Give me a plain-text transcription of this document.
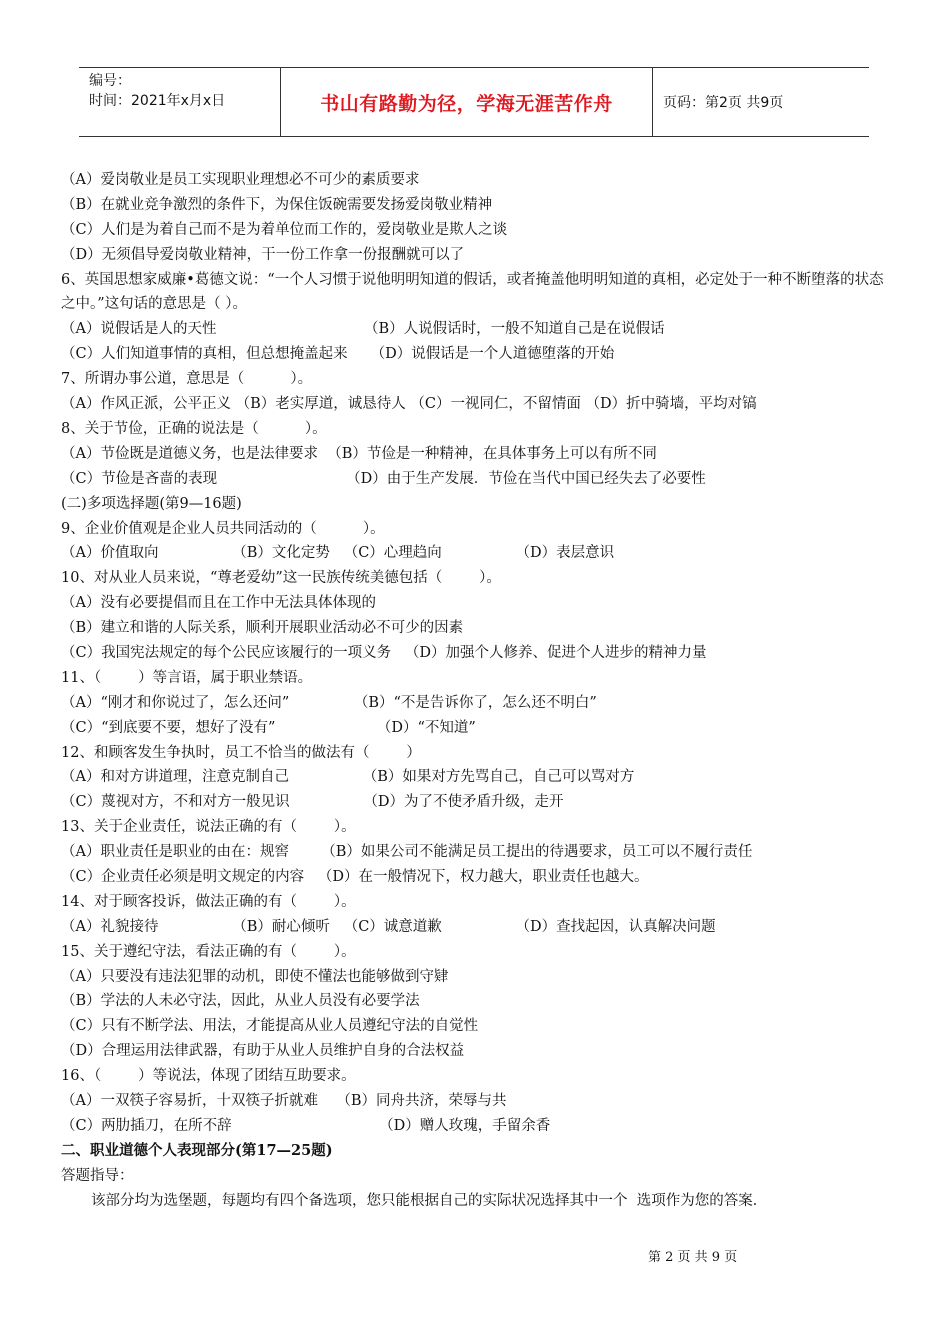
编号：
时间：2021年x月x日	书山有路勤为径，学海无涯苦作舟	页码：第2页 共9页
（A）爱岗敬业是员工实现职业理想必不可少的素质要求
（B）在就业竞争激烈的条件下，为保住饭碗需要发扬爱岗敬业精神
（C）人们是为着自己而不是为着单位而工作的，爱岗敬业是欺人之谈
（D）无须倡导爱岗敬业精神，干一份工作拿一份报酬就可以了
6、英国思想家威廉•葛德文说：“一个人习惯于说他明明知道的假话，或者掩盖他明明知道的真相，必定处于一种不断堕落的状态之中。”这句话的意思是（ ）。
（A）说假话是人的天性                                （B）人说假话时，一般不知道自己是在说假话
（C）人们知道事情的真相，但总想掩盖起来     （D）说假话是一个人道德堕落的开始
7、所谓办事公道，意思是（          ）。
（A）作风正派，公平正义 （B）老实厚道，诚恳待人 （C）一视同仁，不留情面 （D）折中骑墙，平均对镐
8、关于节俭，正确的说法是（          ）。
（A）节俭既是道德义务，也是法律要求  （B）节俭是一种精神，在具体事务上可以有所不同
（C）节俭是吝啬的表现                            （D）由于生产发展．节俭在当代中国已经失去了必要性
(二)多项选择题(第9—16题)
9、企业价值观是企业人员共同活动的（          ）。
（A）价值取向                （B）文化定势   （C）心理趋向                （D）表层意识
10、对从业人员来说，“尊老爱幼”这一民族传统美德包括（        ）。
（A）没有必要提倡而且在工作中无法具体体现的
（B）建立和谐的人际关系，顺利开展职业活动必不可少的因素
（C）我国宪法规定的每个公民应该履行的一项义务   （D）加强个人修养、促进个人进步的精神力量
11、（        ）等言语，属于职业禁语。
（A）“刚才和你说过了，怎么还问”              （B）“不是告诉你了，怎么还不明白”
（C）“到底要不要，想好了没有”                      （D）“不知道”
12、和顾客发生争执时，员工不恰当的做法有（        ）
（A）和对方讲道理，注意克制自己                （B）如果对方先骂自己，自己可以骂对方
（C）蔑视对方，不和对方一般见识                （D）为了不使矛盾升级，走开
13、关于企业责任，说法正确的有（        ）。
（A）职业责任是职业的由在：规窖       （B）如果公司不能满足员工提出的待遇要求，员工可以不履行责任
（C）企业责任必须是明文规定的内容   （D）在一般情况下，权力越大，职业责任也越大。
14、对于顾客投诉，做法正确的有（        ）。
（A）礼貌接待                （B）耐心倾听   （C）诚意道歉                （D）查找起因，认真解决问题
15、关于遵纪守法，看法正确的有（        ）。
（A）只要没有违法犯罪的动机，即使不懂法也能够做到守肄
（B）学法的人未必守法，因此，从业人员没有必要学法
（C）只有不断学法、用法，才能提高从业人员遵纪守法的自觉性
（D）合理运用法律武器，有助于从业人员维护自身的合法权益
16、（        ）等说法，体现了团结互助要求。
（A）一双筷子容易折，十双筷子折就难    （B）同舟共济，荣辱与共
（C）两肋插刀，在所不辞                                （D）赠人玫瑰，手留余香
二、职业道德个人表现部分(第17—25题)
答题指导：
该部分均为选堡题，每题均有四个备选项，您只能根据自己的实际状况选择其中一个  选项作为您的答案．
第 2 页 共 9 页
